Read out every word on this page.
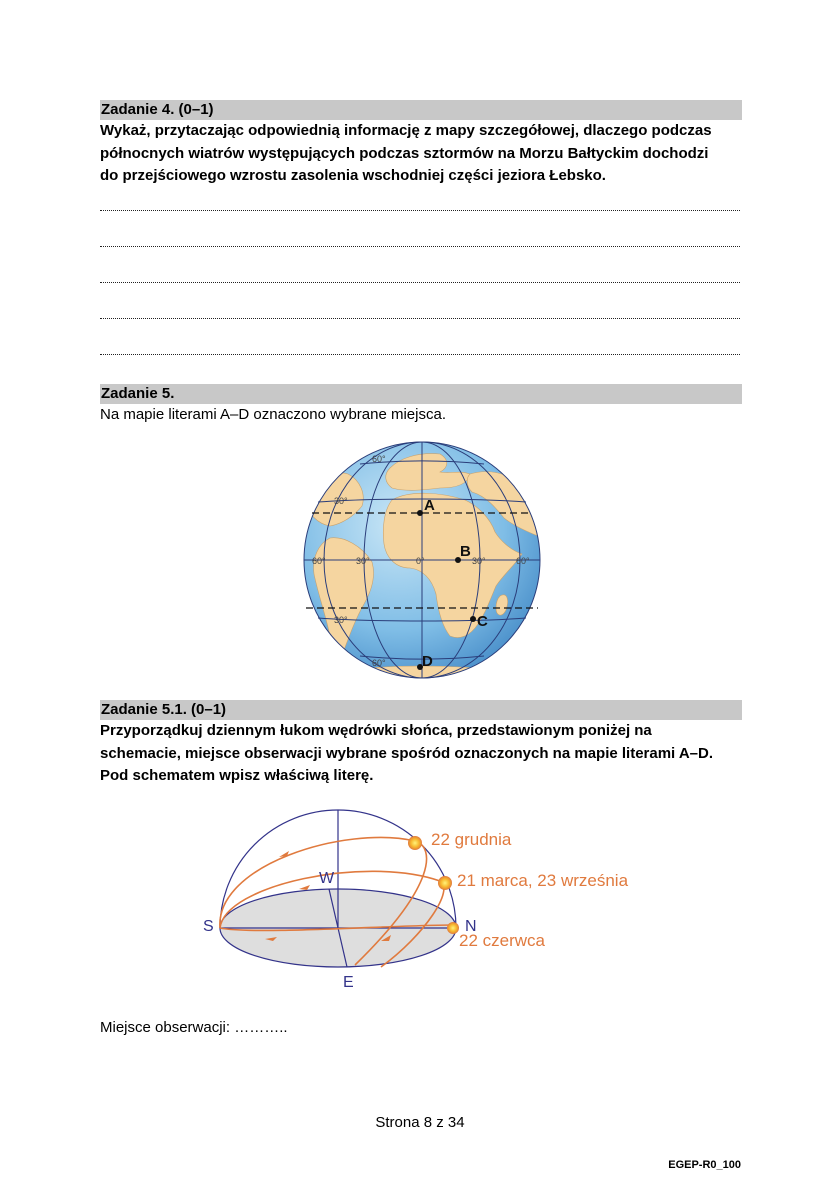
Zadanie 4. (0–1)
Wykaż, przytaczając odpowiednią informację z mapy szczegółowej, dlaczego podczas
północnych wiatrów występujących podczas sztormów na Morzu Bałtyckim dochodzi
do przejściowego wzrostu zasolenia wschodniej części jeziora Łebsko.
Zadanie 5.
Na mapie literami A–D oznaczono wybrane miejsca.
60°
30°
30°
60°
60°	30°	0°	30°	60°
A
B
C
D
Zadanie 5.1. (0–1)
Przyporządkuj dziennym łukom wędrówki słońca, przedstawionym poniżej na
schemacie, miejsce obserwacji wybrane spośród oznaczonych na mapie literami A–D.
Pod schematem wpisz właściwą literę.
22 grudnia
21 marca, 23 września
22 czerwca
S	N
W
E
Miejsce obserwacji: ………..
Strona 8 z 34
EGEP-R0_100
